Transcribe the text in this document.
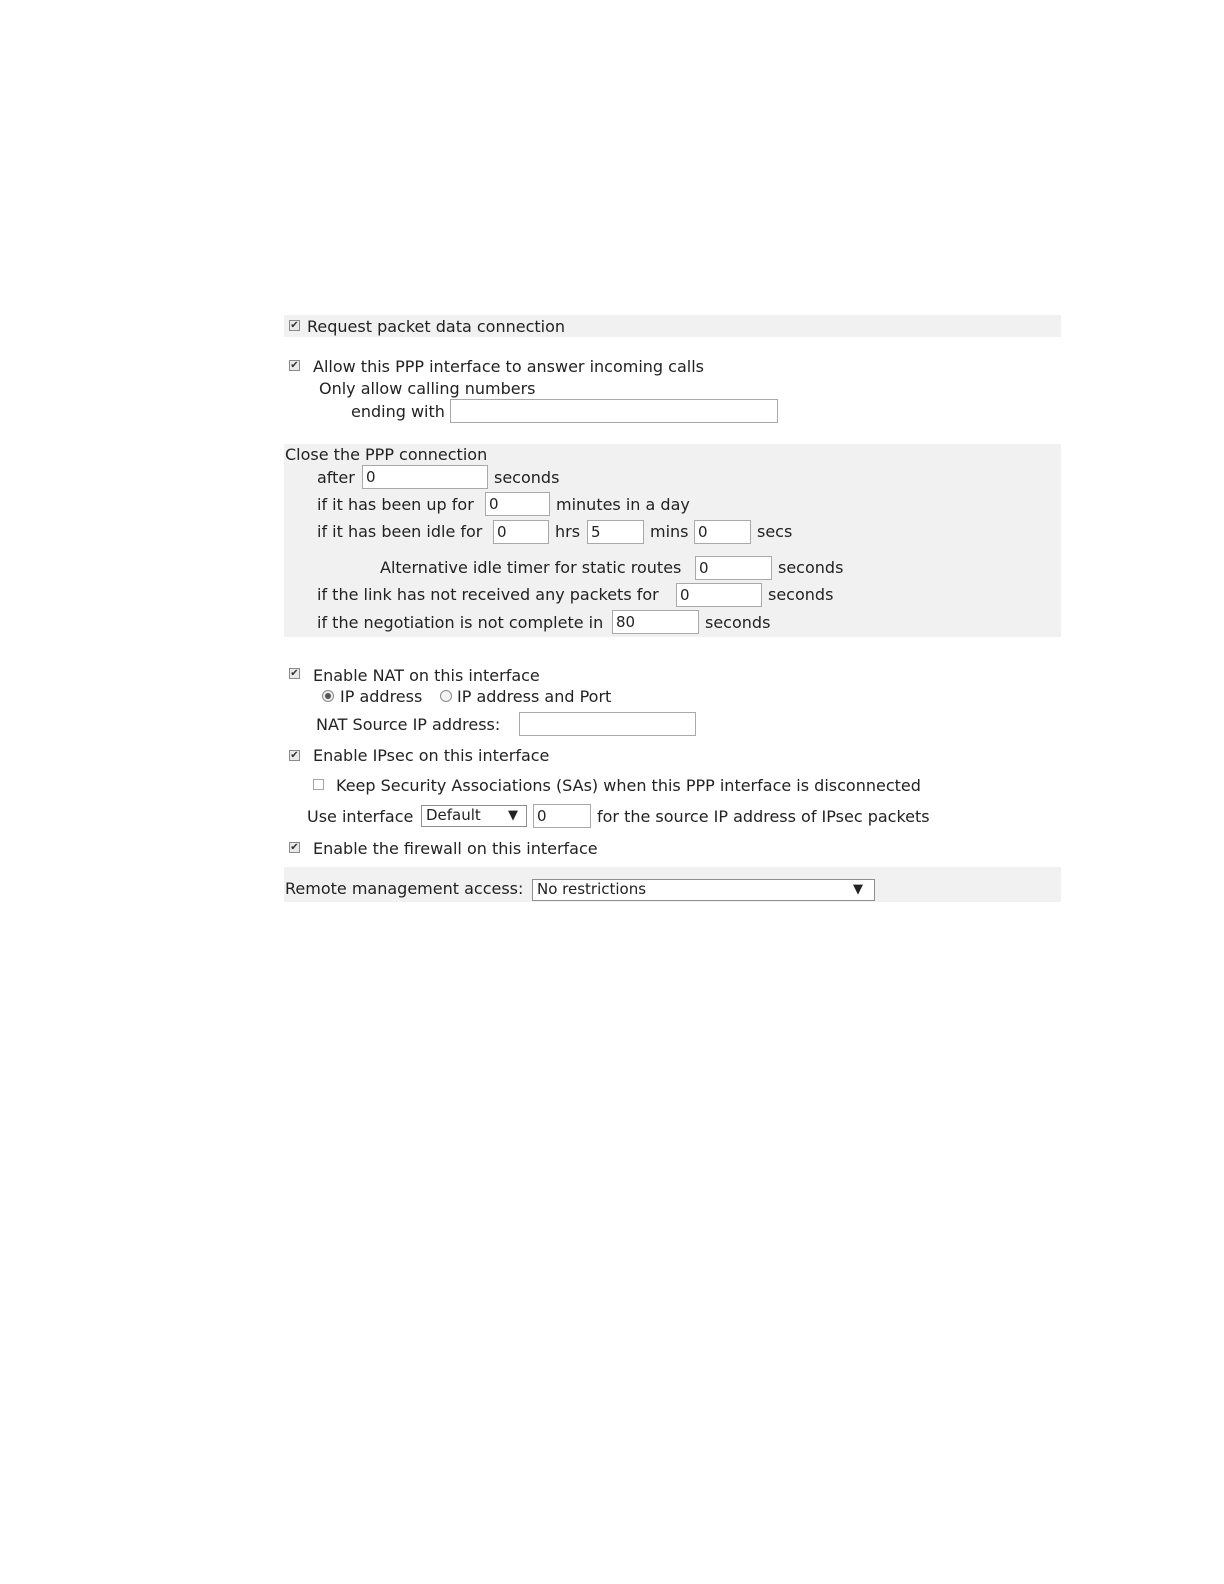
✔ Request packet data connection
✔ Allow this PPP interface to answer incoming calls
Only allow calling numbers
ending with
Close the PPP connection
after 0	seconds
if it has been up for 0	minutes in a day
if it has been idle for 0	hrs 5	mins 0	secs
Alternative idle timer for static routes 0	seconds
if the link has not received any packets for 0	seconds
if the negotiation is not complete in 80	seconds
✔ Enable NAT on this interface
IP address IP address and Port
NAT Source IP address:
✔ Enable IPsec on this interface
Keep Security Associations (SAs) when this PPP interface is disconnected
Use interface Default ▼ 0	for the source IP address of IPsec packets
✔ Enable the firewall on this interface
Remote management access: No restrictions	▼
